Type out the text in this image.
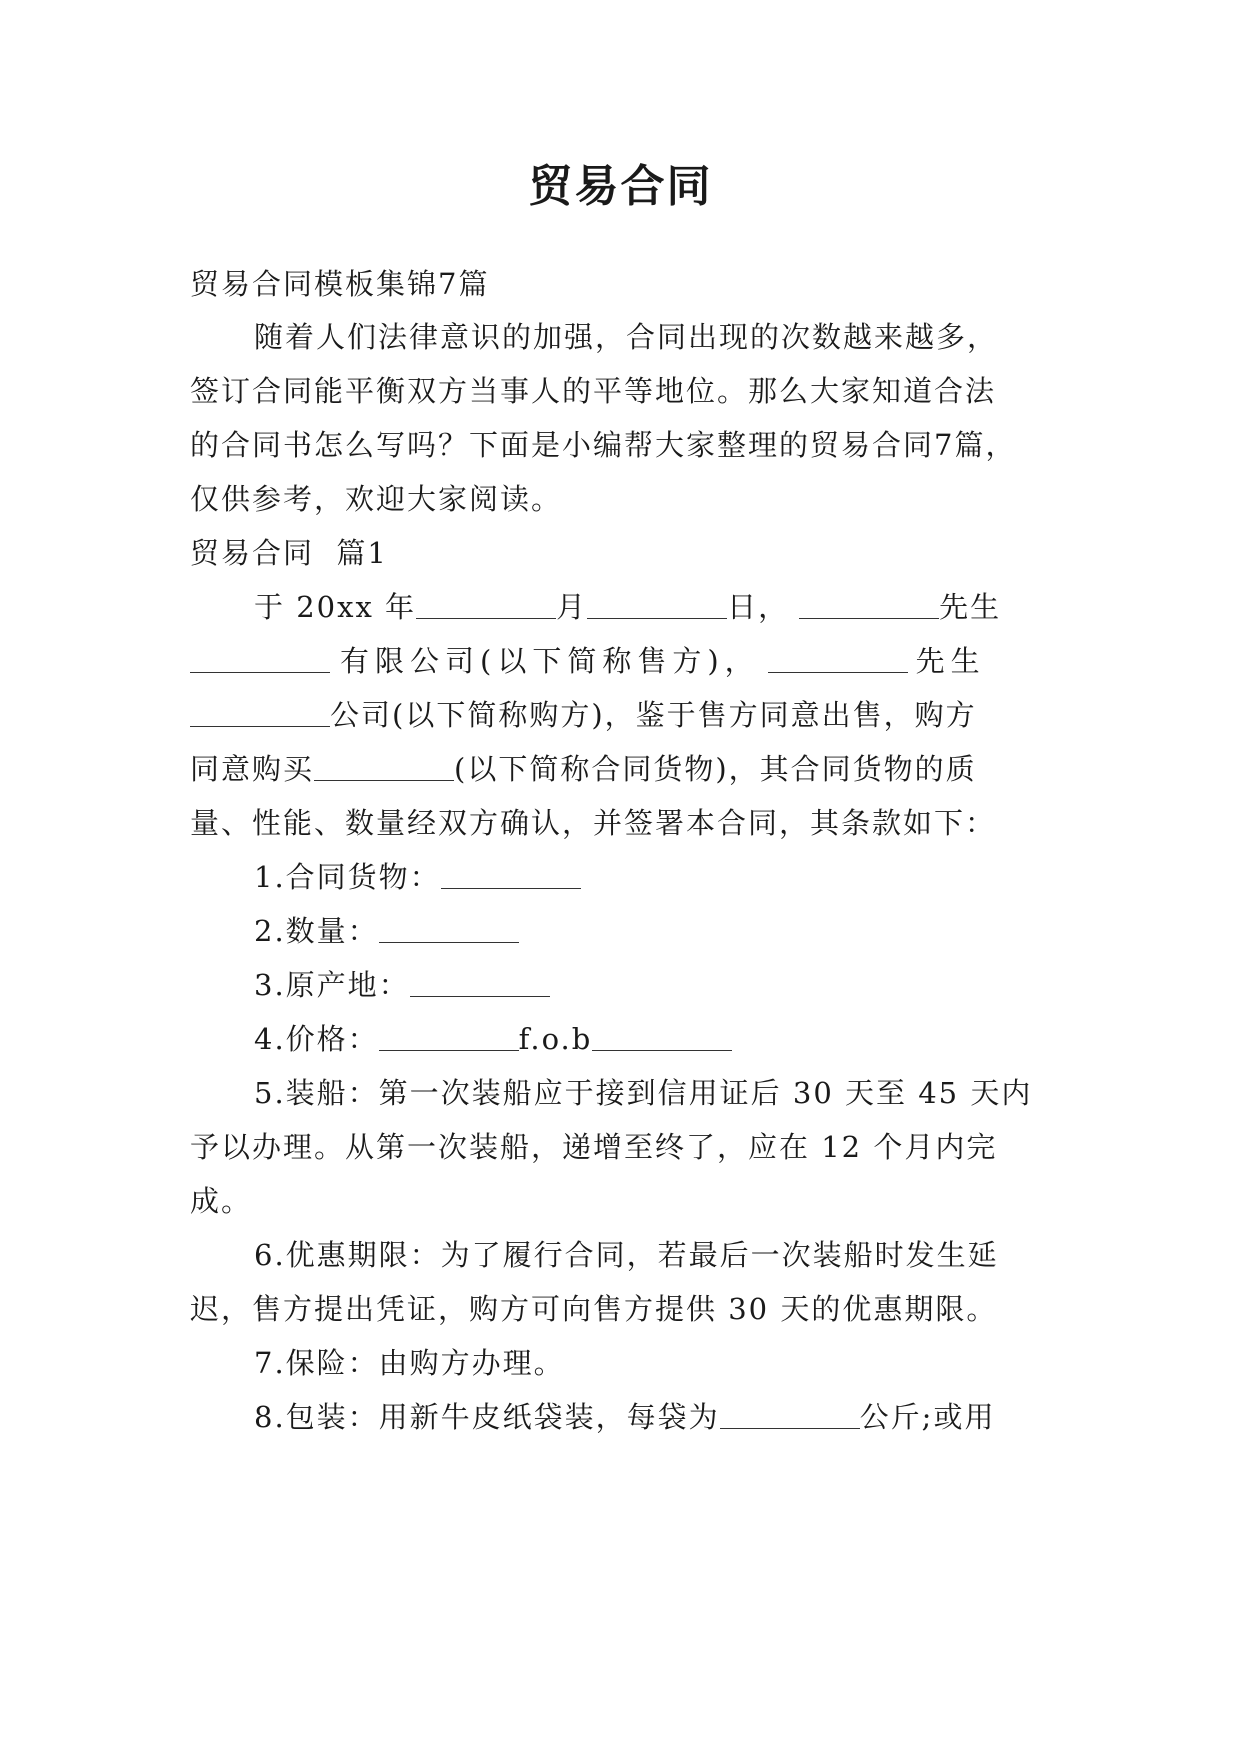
贸易合同
贸易合同模板集锦7篇
随着人们法律意识的加强，合同出现的次数越来越多，
签订合同能平衡双方当事人的平等地位。那么大家知道合法
的合同书怎么写吗？下面是小编帮大家整理的贸易合同7篇，
仅供参考，欢迎大家阅读。
贸易合同  篇1
于 20xx 年	月	日，	先生
有限公司(以下简称售方)，	先生
公司(以下简称购方)，鉴于售方同意出售，购方
同意购买	(以下简称合同货物)，其合同货物的质
量、性能、数量经双方确认，并签署本合同，其条款如下：
1.合同货物：
2.数量：
3.原产地：
4.价格：	f.o.b
5.装船：第一次装船应于接到信用证后 30 天至 45 天内
予以办理。从第一次装船，递增至终了，应在 12 个月内完
成。
6.优惠期限：为了履行合同，若最后一次装船时发生延
迟，售方提出凭证，购方可向售方提供 30 天的优惠期限。
7.保险：由购方办理。
8.包装：用新牛皮纸袋装，每袋为	公斤;或用
